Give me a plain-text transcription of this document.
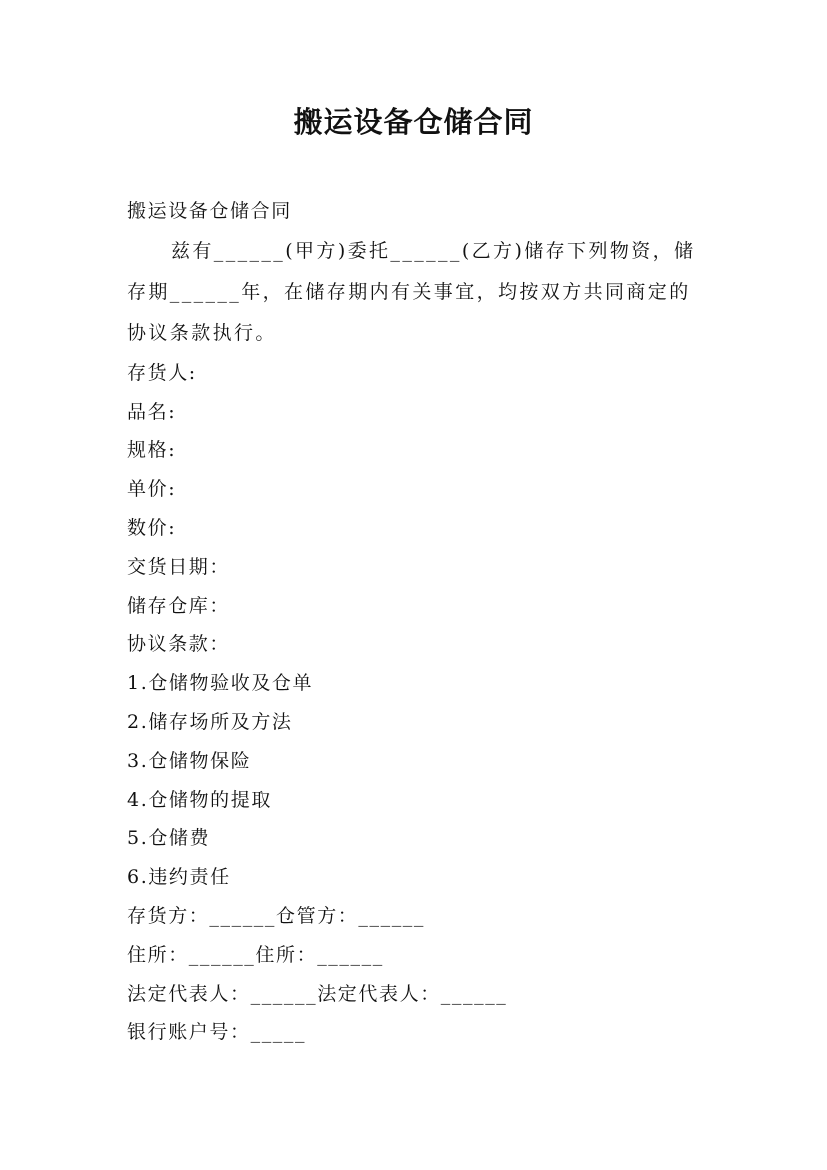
搬运设备仓储合同

搬运设备仓储合同

兹有______(甲方)委托______(乙方)储存下列物资，储存期______年，在储存期内有关事宜，均按双方共同商定的协议条款执行。

存货人:

品名:

规格:

单价:

数价:

交货日期：

储存仓库：

协议条款：

1.仓储物验收及仓单

2.储存场所及方法

3.仓储物保险

4.仓储物的提取

5.仓储费

6.违约责任

存货方：______仓管方：______

住所：______住所：______

法定代表人：______法定代表人：______

银行账户号：_____
